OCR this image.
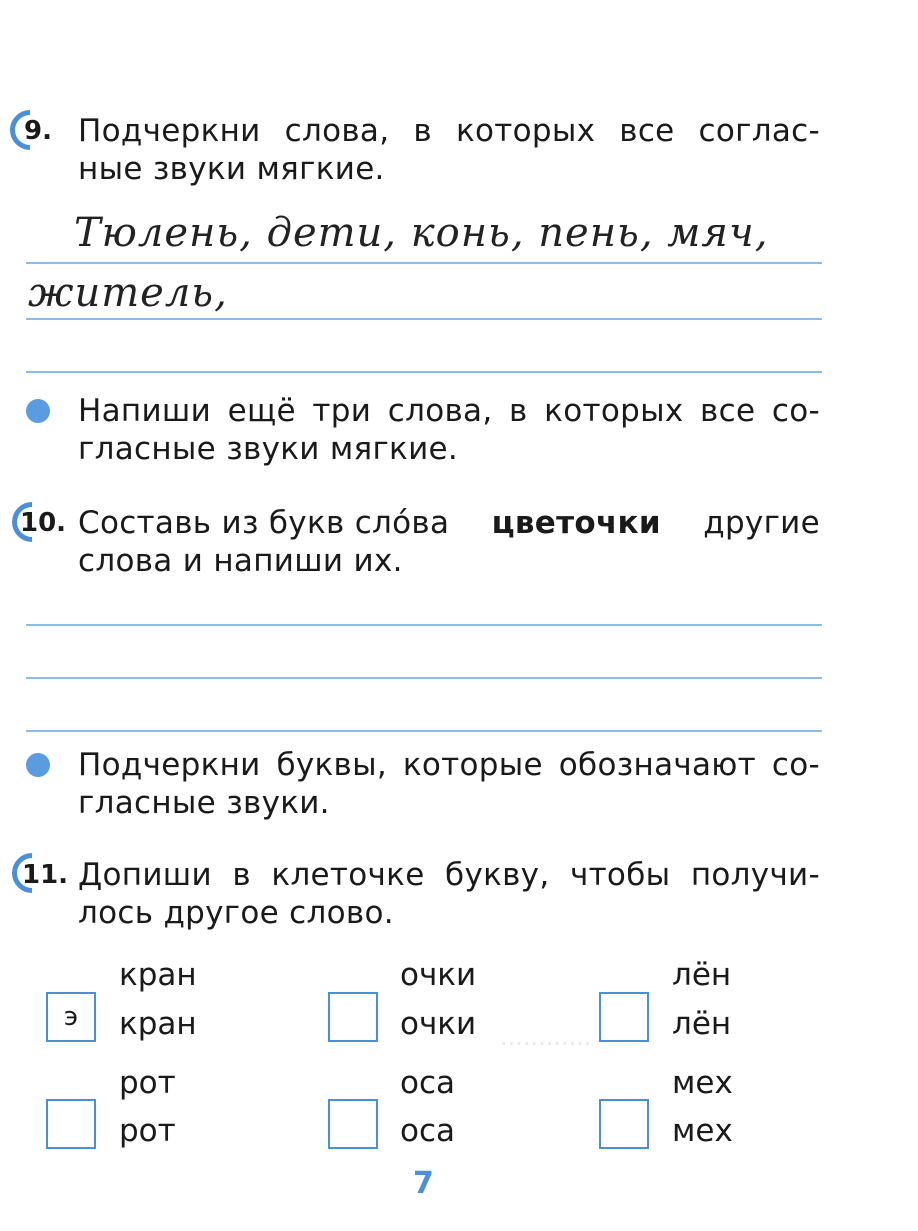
············
9. Подчеркни слова, в которых все соглас-
ные звуки мягкие.
Тюлень, дети, конь, пень, мяч,
житель,
Напиши ещё три слова, в которых все со-
гласные звуки мягкие.
10. Составь из букв слóва цветочки другие
слова и напиши их.
Подчеркни буквы, которые обозначают со-
гласные звуки.
11. Допиши в клеточке букву, чтобы получи-
лось другое слово.
кран
э	кран
очки
очки
лён
лён
рот
рот
оса
оса
мех
мех
7
